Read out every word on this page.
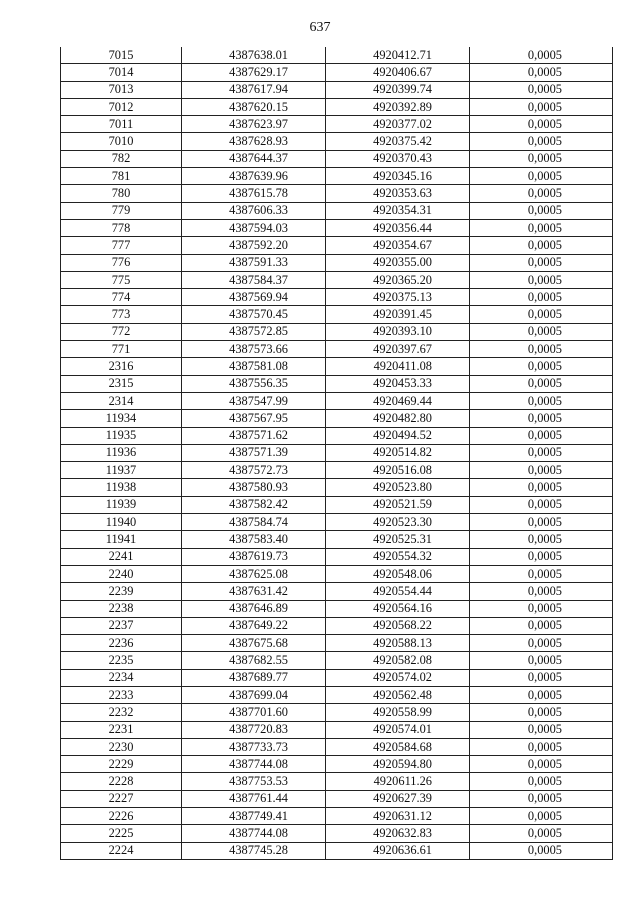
637
7015	4387638.01	4920412.71	0,0005
7014	4387629.17	4920406.67	0,0005
7013	4387617.94	4920399.74	0,0005
7012	4387620.15	4920392.89	0,0005
7011	4387623.97	4920377.02	0,0005
7010	4387628.93	4920375.42	0,0005
782	4387644.37	4920370.43	0,0005
781	4387639.96	4920345.16	0,0005
780	4387615.78	4920353.63	0,0005
779	4387606.33	4920354.31	0,0005
778	4387594.03	4920356.44	0,0005
777	4387592.20	4920354.67	0,0005
776	4387591.33	4920355.00	0,0005
775	4387584.37	4920365.20	0,0005
774	4387569.94	4920375.13	0,0005
773	4387570.45	4920391.45	0,0005
772	4387572.85	4920393.10	0,0005
771	4387573.66	4920397.67	0,0005
2316	4387581.08	4920411.08	0,0005
2315	4387556.35	4920453.33	0,0005
2314	4387547.99	4920469.44	0,0005
11934	4387567.95	4920482.80	0,0005
11935	4387571.62	4920494.52	0,0005
11936	4387571.39	4920514.82	0,0005
11937	4387572.73	4920516.08	0,0005
11938	4387580.93	4920523.80	0,0005
11939	4387582.42	4920521.59	0,0005
11940	4387584.74	4920523.30	0,0005
11941	4387583.40	4920525.31	0,0005
2241	4387619.73	4920554.32	0,0005
2240	4387625.08	4920548.06	0,0005
2239	4387631.42	4920554.44	0,0005
2238	4387646.89	4920564.16	0,0005
2237	4387649.22	4920568.22	0,0005
2236	4387675.68	4920588.13	0,0005
2235	4387682.55	4920582.08	0,0005
2234	4387689.77	4920574.02	0,0005
2233	4387699.04	4920562.48	0,0005
2232	4387701.60	4920558.99	0,0005
2231	4387720.83	4920574.01	0,0005
2230	4387733.73	4920584.68	0,0005
2229	4387744.08	4920594.80	0,0005
2228	4387753.53	4920611.26	0,0005
2227	4387761.44	4920627.39	0,0005
2226	4387749.41	4920631.12	0,0005
2225	4387744.08	4920632.83	0,0005
2224	4387745.28	4920636.61	0,0005
